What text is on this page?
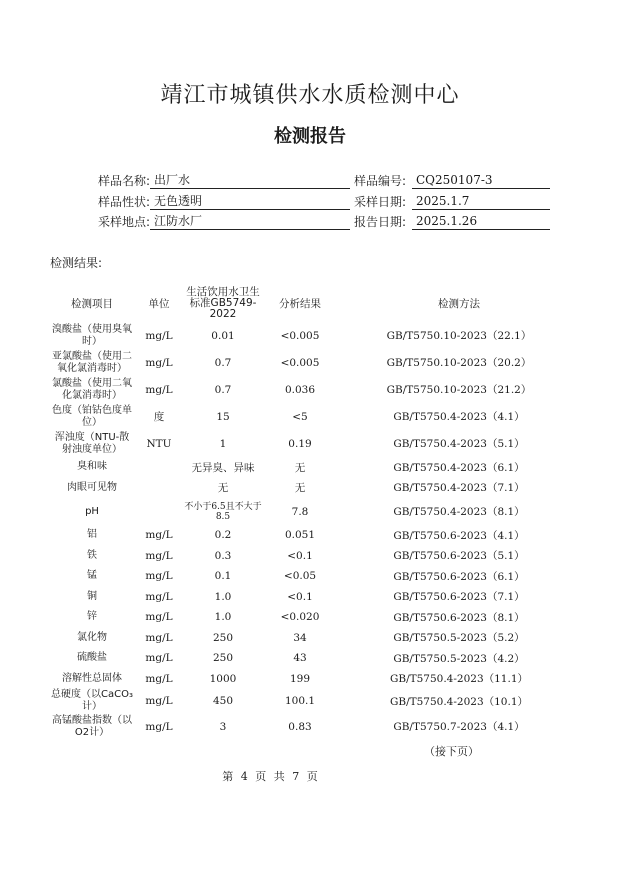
靖江市城镇供水水质检测中心
检测报告
样品名称: 出厂水
样品性状: 无色透明
采样地点: 江防水厂
样品编号: CQ250107-3
采样日期: 2025.1.7
报告日期: 2025.1.26
检测结果:
检测项目	单位	生活饮用水卫生标准GB5749-2022	分析结果	检测方法
溴酸盐（使用臭氧时）	mg/L	0.01	<0.005	GB/T5750.10-2023（22.1）
亚氯酸盐（使用二氧化氯消毒时）	mg/L	0.7	<0.005	GB/T5750.10-2023（20.2）
氯酸盐（使用二氧化氯消毒时）	mg/L	0.7	0.036	GB/T5750.10-2023（21.2）
色度（铂钴色度单位）	度	15	<5	GB/T5750.4-2023（4.1）
浑浊度（NTU-散射浊度单位）	NTU	1	0.19	GB/T5750.4-2023（5.1）
臭和味		无异臭、异味	无	GB/T5750.4-2023（6.1）
肉眼可见物		无	无	GB/T5750.4-2023（7.1）
pH		不小于6.5且不大于8.5	7.8	GB/T5750.4-2023（8.1）
铝	mg/L	0.2	0.051	GB/T5750.6-2023（4.1）
铁	mg/L	0.3	<0.1	GB/T5750.6-2023（5.1）
锰	mg/L	0.1	<0.05	GB/T5750.6-2023（6.1）
铜	mg/L	1.0	<0.1	GB/T5750.6-2023（7.1）
锌	mg/L	1.0	<0.020	GB/T5750.6-2023（8.1）
氯化物	mg/L	250	34	GB/T5750.5-2023（5.2）
硫酸盐	mg/L	250	43	GB/T5750.5-2023（4.2）
溶解性总固体	mg/L	1000	199	GB/T5750.4-2023（11.1）
总硬度（以CaCO₃计）	mg/L	450	100.1	GB/T5750.4-2023（10.1）
高锰酸盐指数（以O2计）	mg/L	3	0.83	GB/T5750.7-2023（4.1）
（接下页）
第 4 页 共 7 页
